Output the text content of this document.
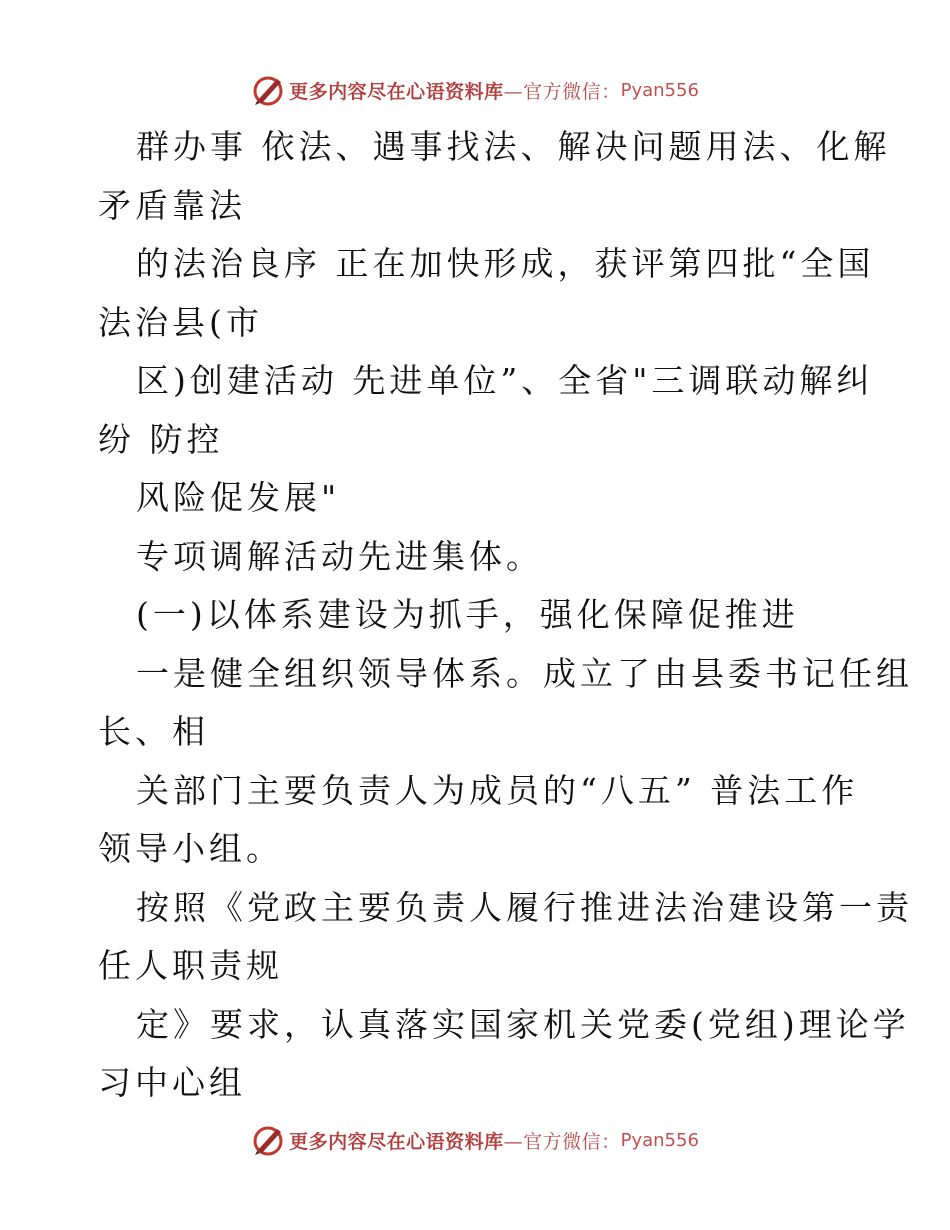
更多内容尽在心语资料库 —官方微信： Pyan556
群办事 依法、遇事找法、解决问题用法、化解
矛盾靠法
的法治良序 正在加快形成，获评第四批“全国
法治县(市
区)创建活动 先进单位”、全省"三调联动解纠
纷 防控
风险促发展"
专项调解活动先进集体。
(一)以体系建设为抓手，强化保障促推进
一是健全组织领导体系。成立了由县委书记任组
长、相
关部门主要负责人为成员的“八五” 普法工作
领导小组。
按照《党政主要负责人履行推进法治建设第一责
任人职责规
定》要求，认真落实国家机关党委(党组)理论学
习中心组
更多内容尽在心语资料库 —官方微信： Pyan556
